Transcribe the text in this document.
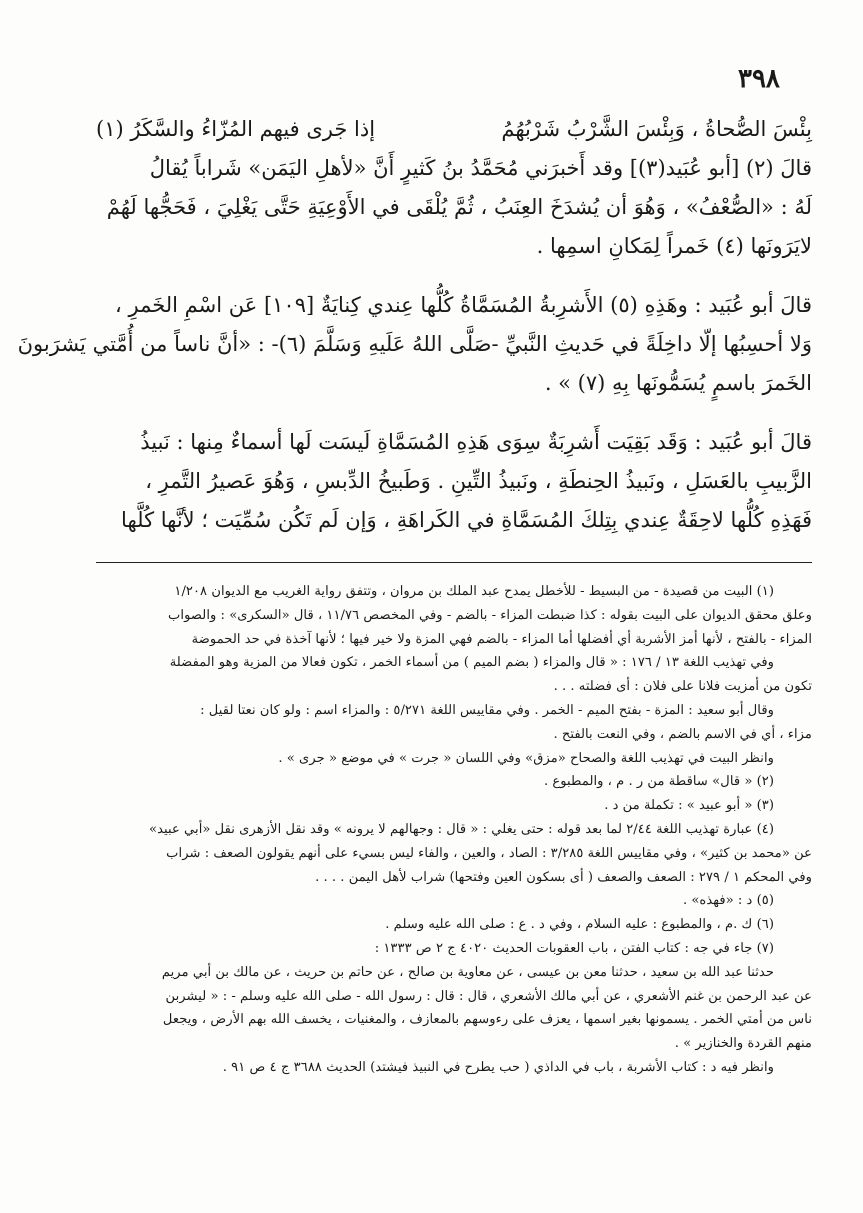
٣٩٨
بِئْسَ الصُّحاةُ ، وَبِئْسَ الشَّرْبُ شَرْبُهُمُ
إذا جَرى فيهم المُزّاءُ والسَّكَرُ (١)
قالَ (٢) [أبو عُبَيد(٣)] وقد أَخبرَني مُحَمَّدُ بنُ كَثيرٍ أَنَّ «لأهلِ اليَمَن» شَراباً يُقالُ
لَهُ : «الصُّعْفُ» ، وَهُوَ أن يُشدَخَ العِنَبُ ، ثُمَّ يُلْقَى في الأَوْعِيَةِ حَتَّى يَغْلِيَ ، فَحَجُّها لَهُمْ
لايَرَونَها (٤) خَمراً لِمَكانِ اسمِها .
قالَ أبو عُبَيد : وهَذِهِ (٥) الأَشرِبةُ المُسَمَّاةُ كُلُّها عِندي كِنايَةٌ [١٠٩] عَن اسْمِ الخَمرِ ،
وَلا أحسِبُها إلّا داخِلَةً في حَديثِ النَّبيِّ -صَلَّى اللهُ عَلَيهِ وَسَلَّمَ (٦)- : «أنَّ ناساً من أُمَّتي يَشرَبونَ
الخَمرَ باسمٍ يُسَمُّونَها بِهِ (٧) » .
قالَ أبو عُبَيد : وَقَد بَقِيَت أَشرِبَةٌ سِوَى هَذِهِ المُسَمَّاةِ لَيسَت لَها أسماءٌ مِنها : نَبيذُ
الزَّبيبِ بالعَسَلِ ، ونَبيذُ الحِنطَةِ ، ونَبيذُ التِّينِ . وَطَبيخُ الدِّبسِ ، وَهُوَ عَصيرُ التَّمرِ ،
فَهَذِهِ كُلُّها لاحِقَةٌ عِندي بِتِلكَ المُسَمَّاةِ في الكَراهَةِ ، وَإن لَم تَكُن سُمِّيَت ؛ لأنَّها كُلَّها
(١) البيت من قصيدة - من البسيط - للأخطل يمدح عبد الملك بن مروان ، وتتفق رواية الغريب مع الديوان ١/٢٠٨
وعلق محقق الديوان على البيت بقوله : كذا ضبطت المزاء - بالضم - وفي المخصص ١١/٧٦ ، قال «السكرى» : والصواب
المزاء - بالفتح ، لأنها أمز الأشربة أي أفضلها أما المزاء - بالضم فهي المزة ولا خير فيها ؛ لأنها آخذة في حد الحموضة
وفي تهذيب اللغة ١٣ / ١٧٦ : « قال والمزاء ( بضم الميم ) من أسماء الخمر ، تكون فعالا من المزية وهو المفضلة
تكون من أمزيت فلانا على فلان : أى فضلته . . .
وقال أبو سعيد : المزة - بفتح الميم - الخمر . وفي مقاييس اللغة ٥/٢٧١ : والمزاء اسم : ولو كان نعتا لقيل :
مزاء ، أي في الاسم بالضم ، وفي النعت بالفتح .
وانظر البيت في تهذيب اللغة والصحاح «مزق» وفي اللسان « جرت » في موضع « جرى » .
(٢) « قال» ساقطة من ر . م ، والمطبوع .
(٣) « أبو عبيد » : تكملة من د .
(٤) عبارة تهذيب اللغة ٢/٤٤ لما بعد قوله : حتى يغلي : « قال : وجهالهم لا يرونه » وقد نقل الأزهرى نقل «أبي عبيد»
عن «محمد بن كثير» ، وفي مقاييس اللغة ٣/٢٨٥ : الصاد ، والعين ، والفاء ليس بسيء على أنهم يقولون الصعف : شراب
وفي المحكم ١ / ٢٧٩ : الصعف والصعف ( أى بسكون العين وفتحها) شراب لأهل اليمن . . . .
(٥) د : «فهذه» .
(٦) ك .م ، والمطبوع : عليه السلام ، وفي د . ع : صلى الله عليه وسلم .
(٧) جاء في جه : كتاب الفتن ، باب العقوبات الحديث ٤٠٢٠ ج ٢ ص ١٣٣٣ :
حدثنا عبد الله بن سعيد ، حدثنا معن بن عيسى ، عن معاوية بن صالح ، عن حاتم بن حريث ، عن مالك بن أبي مريم
عن عبد الرحمن بن غنم الأشعري ، عن أبي مالك الأشعري ، قال : قال : رسول الله - صلى الله عليه وسلم - : « ليشربن
ناس من أمتي الخمر . يسمونها بغير اسمها ، يعزف على رءوسهم بالمعازف ، والمغنيات ، يخسف الله بهم الأرض ، ويجعل
منهم القردة والخنازير » .
وانظر فيه د : كتاب الأشربة ، باب في الداذي ( حب يطرح في النبيذ فيشتد) الحديث ٣٦٨٨ ج ٤ ص ٩١ .
